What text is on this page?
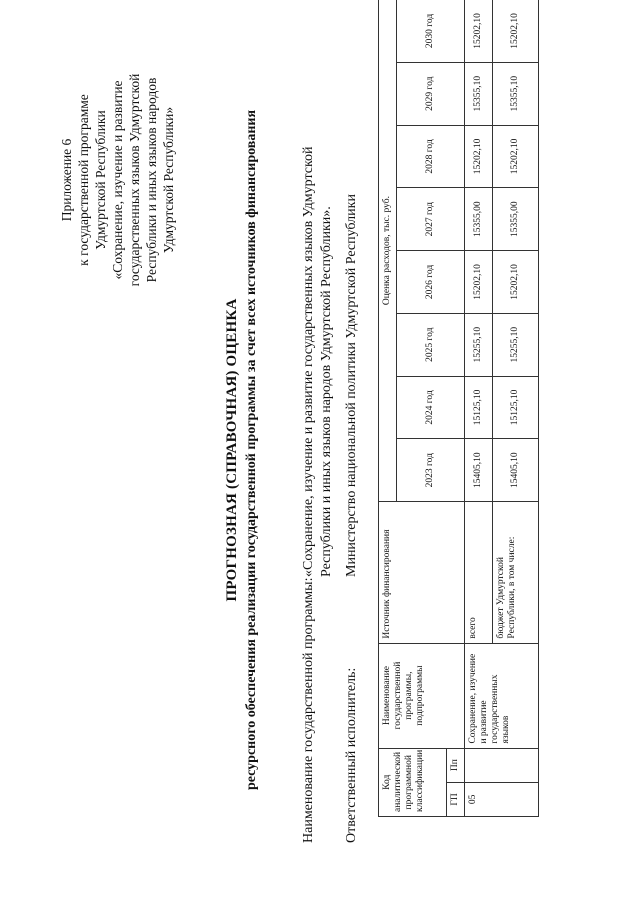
Приложение 6 к государственной программе Удмуртской Республики «Сохранение, изучение и развитие государственных языков Удмуртской Республики и иных языков народов Удмуртской Республики»
ПРОГНОЗНАЯ (СПРАВОЧНАЯ) ОЦЕНКА ресурсного обеспечения реализации государственной программы за счет всех источников финансирования	Наименование государственной программы:
«Сохранение, изучение и развитие государственных языков Удмуртской Республики и иных языков народов Удмуртской Республики».
Ответственный исполнитель:
Министерство национальной политики Удмуртской Республики
Код аналитической программной классификации		Наименование государственной программы, подпрограммы	Источник финансирования	Оценка расходов, тыс. руб.							
				2023 год	2024 год	2025 год	2026 год	2027 год	2028 год	2029 год	2030 год
ГП	Пп										
05		Сохранение, изучение и развитие государственных языков	всего	15405,10	15125,10	15255,10	15202,10	15355,00	15202,10	15355,10	15202,10
			бюджет Удмуртской Республики, в том числе:	15405,10	15125,10	15255,10	15202,10	15355,00	15202,10	15355,10	15202,10
